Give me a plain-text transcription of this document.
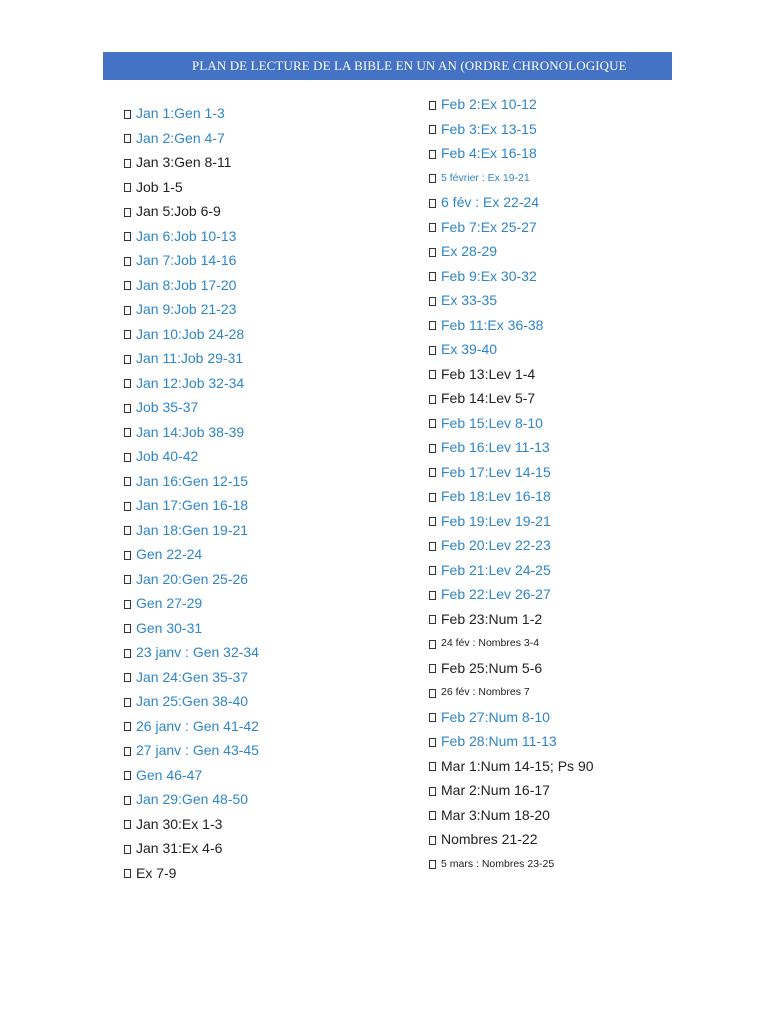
PLAN DE LECTURE DE LA BIBLE EN UN AN (ORDRE CHRONOLOGIQUE
Jan 1:Gen 1-3
Jan 2:Gen 4-7
Jan 3:Gen 8-11
Job 1-5
Jan 5:Job 6-9
Jan 6:Job 10-13
Jan 7:Job 14-16
Jan 8:Job 17-20
Jan 9:Job 21-23
Jan 10:Job 24-28
Jan 11:Job 29-31
Jan 12:Job 32-34
Job 35-37
Jan 14:Job 38-39
Job 40-42
Jan 16:Gen 12-15
Jan 17:Gen 16-18
Jan 18:Gen 19-21
Gen 22-24
Jan 20:Gen 25-26
Gen 27-29
Gen 30-31
23 janv : Gen 32-34
Jan 24:Gen 35-37
Jan 25:Gen 38-40
26 janv : Gen 41-42
27 janv : Gen 43-45
Gen 46-47
Jan 29:Gen 48-50
Jan 30:Ex 1-3
Jan 31:Ex 4-6
Ex 7-9
Feb 2:Ex 10-12
Feb 3:Ex 13-15
Feb 4:Ex 16-18
5 février : Ex 19-21
6 fév : Ex 22-24
Feb 7:Ex 25-27
Ex 28-29
Feb 9:Ex 30-32
Ex 33-35
Feb 11:Ex 36-38
Ex 39-40
Feb 13:Lev 1-4
Feb 14:Lev 5-7
Feb 15:Lev 8-10
Feb 16:Lev 11-13
Feb 17:Lev 14-15
Feb 18:Lev 16-18
Feb 19:Lev 19-21
Feb 20:Lev 22-23
Feb 21:Lev 24-25
Feb 22:Lev 26-27
Feb 23:Num 1-2
24 fév : Nombres 3-4
Feb 25:Num 5-6
26 fév : Nombres 7
Feb 27:Num 8-10
Feb 28:Num 11-13
Mar 1:Num 14-15; Ps 90
Mar 2:Num 16-17
Mar 3:Num 18-20
Nombres 21-22
5 mars : Nombres 23-25
